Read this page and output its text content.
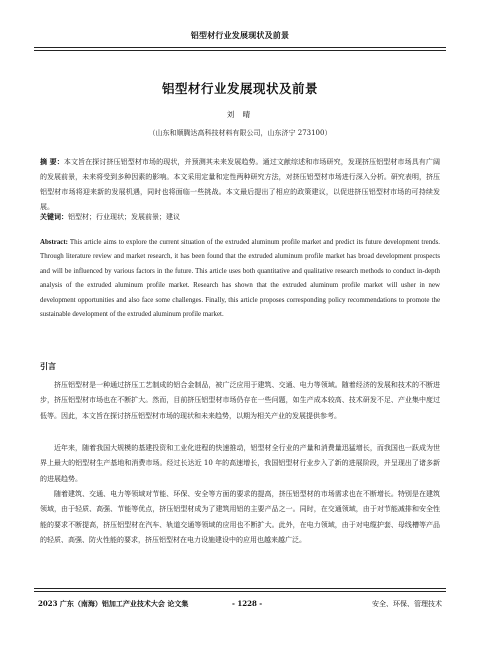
铝型材行业发展现状及前景
铝型材行业发展现状及前景
刘 晴
（山东和顺腾达高科技材料有限公司，山东济宁 273100）
摘 要：本文旨在探讨挤压铝型材市场的现状，并预测其未来发展趋势。通过文献综述和市场研究，发现挤压铝型材市场具有广阔的发展前景，未来将受到多种因素的影响。本文采用定量和定性两种研究方法，对挤压铝型材市场进行深入分析。研究表明，挤压铝型材市场将迎来新的发展机遇，同时也将面临一些挑战。本文最后提出了相应的政策建议，以促进挤压铝型材市场的可持续发展。
关键词：铝型材；行业现状；发展前景；建议
Abstract: This article aims to explore the current situation of the extruded aluminum profile market and predict its future development trends. Through literature review and market research, it has been found that the extruded aluminum profile market has broad development prospects and will be influenced by various factors in the future. This article uses both quantitative and qualitative research methods to conduct in-depth analysis of the extruded aluminum profile market. Research has shown that the extruded aluminum profile market will usher in new development opportunities and also face some challenges. Finally, this article proposes corresponding policy recommendations to promote the sustainable development of the extruded aluminum profile market.
引言

挤压铝型材是一种通过挤压工艺制成的铝合金制品，被广泛应用于建筑、交通、电力等领域。随着经济的发展和技术的不断进步，挤压铝型材市场也在不断扩大。然而，目前挤压铝型材市场仍存在一些问题，如生产成本较高、技术研发不足、产业集中度过低等。因此，本文旨在探讨挤压铝型材市场的现状和未来趋势，以期为相关产业的发展提供参考。

近年来，随着我国大规模的基建投资和工业化进程的快速推动，铝型材全行业的产量和消费量迅猛增长，而我国也一跃成为世界上最大的铝型材生产基地和消费市场。经过长达近 10 年的高速增长，我国铝型材行业步入了新的进展阶段，并呈现出了诸多新的进展趋势。

随着建筑、交通、电力等领域对节能、环保、安全等方面的要求的提高，挤压铝型材的市场需求也在不断增长。特别是在建筑领域，由于轻质、高强、节能等优点，挤压铝型材成为了建筑用铝的主要产品之一。同时，在交通领域，由于对节能减排和安全性能的要求不断提高，挤压铝型材在汽车、轨道交通等领域的应用也不断扩大。此外，在电力领域，由于对电缆护套、母线槽等产品的轻质、高强、防火性能的要求，挤压铝型材在电力设施建设中的应用也越来越广泛。

2023 广东（南海）铝加工产业技术大会 论文集	- 1228 -	安全、环保、管理技术
